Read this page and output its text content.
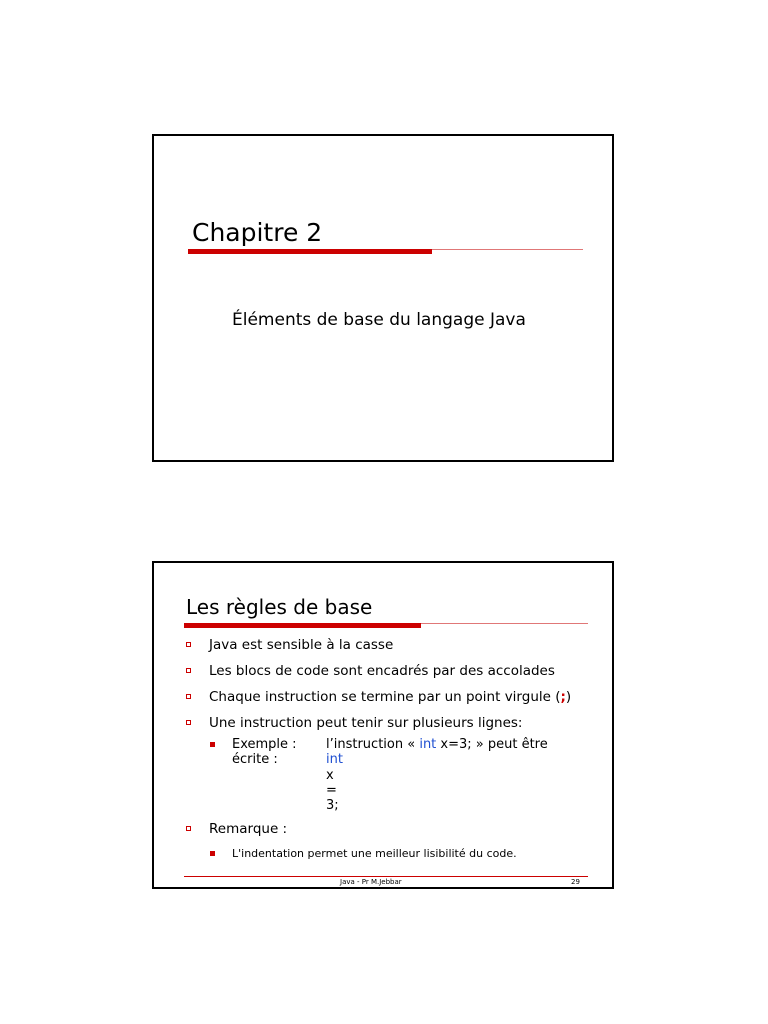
Chapitre 2
Éléments de base du langage Java
Les règles de base
Java est sensible à la casse
Les blocs de code sont encadrés par des accolades
Chaque instruction se termine par un point virgule (;)
Une instruction peut tenir sur plusieurs lignes:
Exemple :
écrite :
l’instruction « int x=3; » peut être
int
x
=
3;
Remarque :
L'indentation permet une meilleur lisibilité du code.
Java - Pr M.Jebbar	29
